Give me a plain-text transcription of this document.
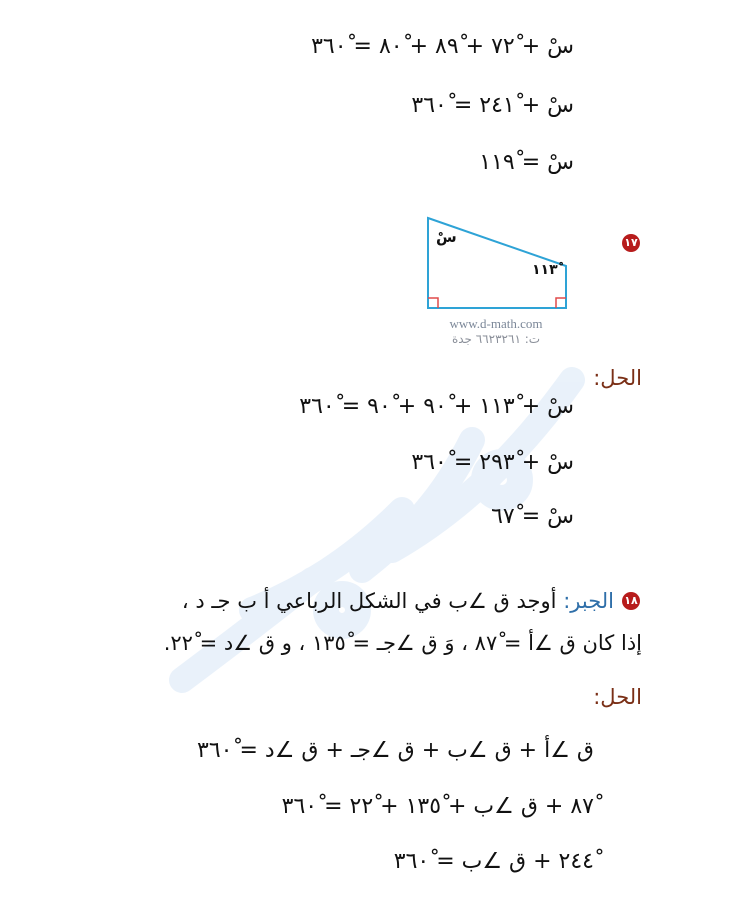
سْ + ٧٢ْ + ٨٩ْ + ٨٠ْ = ٣٦٠ْ
سْ + ٢٤١ْ = ٣٦٠ْ
سْ = ١١٩ْ
١٧
سْ
١١٣ْ
www.d-math.com
ت: ٦٦٢٣٢٦١ جدة
الحل:
سْ + ١١٣ْ + ٩٠ْ + ٩٠ْ = ٣٦٠ْ
سْ + ٢٩٣ْ = ٣٦٠ْ
سْ = ٦٧ْ
١٨
الجبر: أوجد ق ∠ب في الشكل الرباعي أ ب جـ د ،
إذا كان ق ∠أ = ٨٧ْ ، وَ ق ∠جـ = ١٣٥ْ ، و ق ∠د = ٢٢ْ.
الحل:
ق ∠أ + ق ∠ب + ق ∠جـ + ق ∠د = ٣٦٠ْ
٨٧ْ + ق ∠ب + ١٣٥ْ + ٢٢ْ = ٣٦٠ْ
٢٤٤ْ + ق ∠ب = ٣٦٠ْ
